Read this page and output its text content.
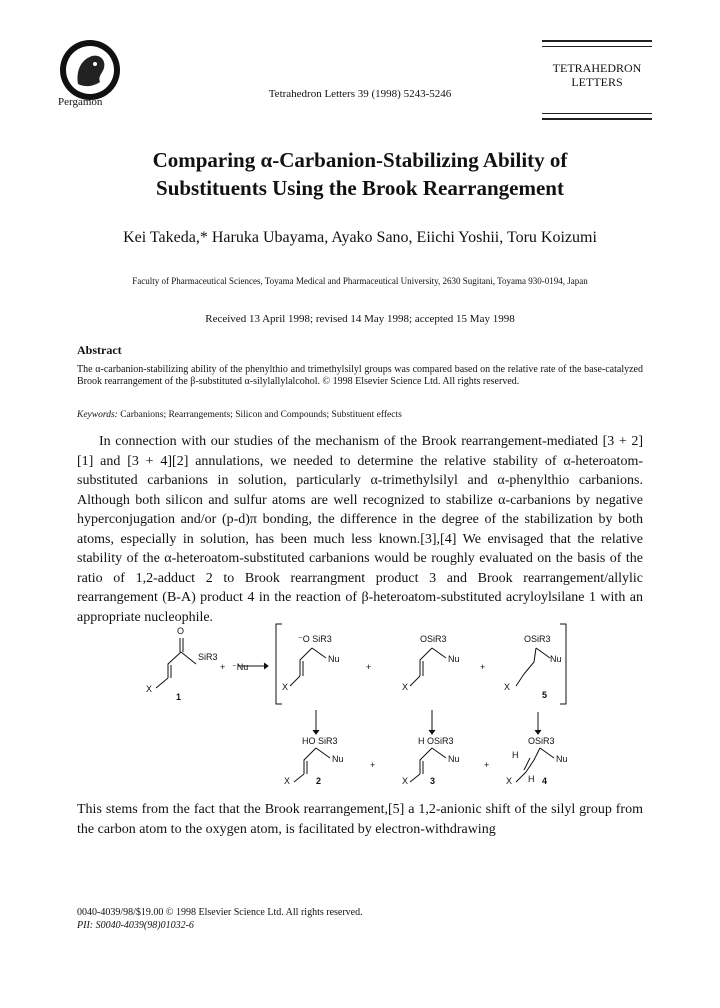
Pergamon
Tetrahedron Letters 39 (1998) 5243-5246
TETRAHEDRON
LETTERS
Comparing α-Carbanion-Stabilizing Ability of
Substituents Using the Brook Rearrangement
Kei Takeda,* Haruka Ubayama, Ayako Sano, Eiichi Yoshii, Toru Koizumi
Faculty of Pharmaceutical Sciences, Toyama Medical and Pharmaceutical University, 2630 Sugitani, Toyama 930-0194, Japan
Received 13 April 1998; revised 14 May 1998; accepted 15 May 1998
Abstract
The α-carbanion-stabilizing ability of the phenylthio and trimethylsilyl groups was compared based on the relative rate of the base-catalyzed Brook rearrangement of the β-substituted α-silylallylalcohol. © 1998 Elsevier Science Ltd. All rights reserved.
Keywords: Carbanions; Rearrangements; Silicon and Compounds; Substituent effects
In connection with our studies of the mechanism of the Brook rearrangement-mediated [3 + 2][1] and [3 + 4][2] annulations, we needed to determine the relative stability of α-heteroatom-substituted carbanions in solution, particularly α-trimethylsilyl and α-phenylthio carbanions. Although both silicon and sulfur atoms are well recognized to stabilize α-carbanions by negative hyperconjugation and/or (p-d)π bonding, the difference in the degree of the stabilization by both atoms, especially in solution, has been much less known.[3],[4] We envisaged that the relative stability of the α-heteroatom-substituted carbanions would be roughly evaluated on the basis of the ratio of 1,2-adduct 2 to Brook rearrangment product 3 and Brook rearrangement/allylic rearrangement (B-A) product 4 in the reaction of β-heteroatom-substituted acryloylsilane 1 with an appropriate nucleophile.
O
SiR3
X
1
+ ⁻Nu
⁻O SiR3
Nu
X
+
OSiR3
Nu
X
+
OSiR3
Nu
X
5
HO SiR3
Nu
X	2
+
H OSiR3
Nu
X 3
+
OSiR3
H	Nu
X H 4
This stems from the fact that the Brook rearrangement,[5] a 1,2-anionic shift of the silyl group from the carbon atom to the oxygen atom, is facilitated by electron-withdrawing
0040-4039/98/$19.00 © 1998 Elsevier Science Ltd. All rights reserved.
PII: S0040-4039(98)01032-6
